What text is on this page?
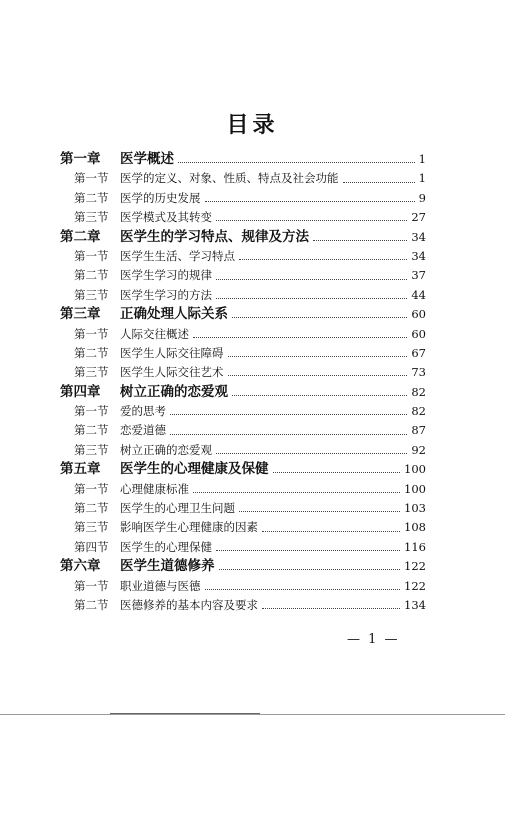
目录
第一章	医学概述	1
第一节	医学的定义、对象、性质、特点及社会功能	1
第二节	医学的历史发展	9
第三节	医学模式及其转变	27
第二章	医学生的学习特点、规律及方法	34
第一节	医学生生活、学习特点	34
第二节	医学生学习的规律	37
第三节	医学生学习的方法	44
第三章	正确处理人际关系	60
第一节	人际交往概述	60
第二节	医学生人际交往障碍	67
第三节	医学生人际交往艺术	73
第四章	树立正确的恋爱观	82
第一节	爱的思考	82
第二节	恋爱道德	87
第三节	树立正确的恋爱观	92
第五章	医学生的心理健康及保健	100
第一节	心理健康标准	100
第二节	医学生的心理卫生问题	103
第三节	影响医学生心理健康的因素	108
第四节	医学生的心理保健	116
第六章	医学生道德修养	122
第一节	职业道德与医德	122
第二节	医德修养的基本内容及要求	134
— 1 —
